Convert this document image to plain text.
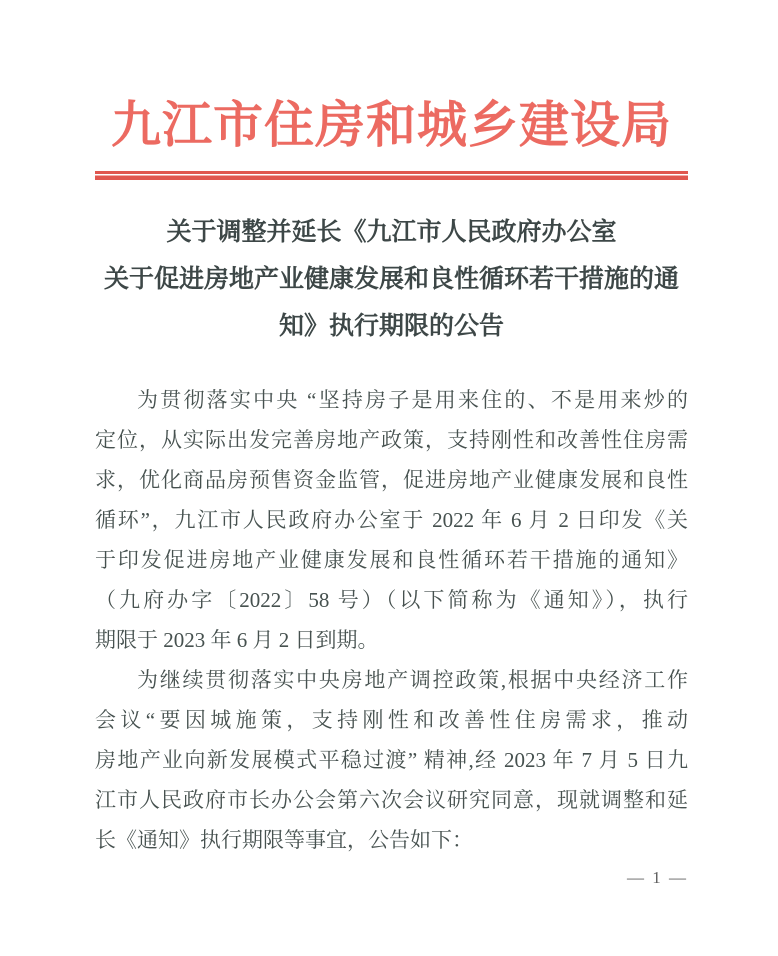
九江市住房和城乡建设局
关于调整并延长《九江市人民政府办公室
关于促进房地产业健康发展和良性循环若干措施的通
知》执行期限的公告
为贯彻落实中央 “坚持房子是用来住的、不是用来炒的
定位，从实际出发完善房地产政策，支持刚性和改善性住房需
求，优化商品房预售资金监管，促进房地产业健康发展和良性
循环”，九江市人民政府办公室于 2022 年 6 月 2 日印发《关
于印发促进房地产业健康发展和良性循环若干措施的通知》
（九府办字〔2022〕58 号）（以下简称为《通知》），执行
期限于 2023 年 6 月 2 日到期。
为继续贯彻落实中央房地产调控政策,根据中央经济工作
会议“要因城施策，支持刚性和改善性住房需求，推动
房地产业向新发展模式平稳过渡” 精神,经 2023 年 7 月 5 日九
江市人民政府市长办公会第六次会议研究同意，现就调整和延
长《通知》执行期限等事宜，公告如下：
— 1 —
